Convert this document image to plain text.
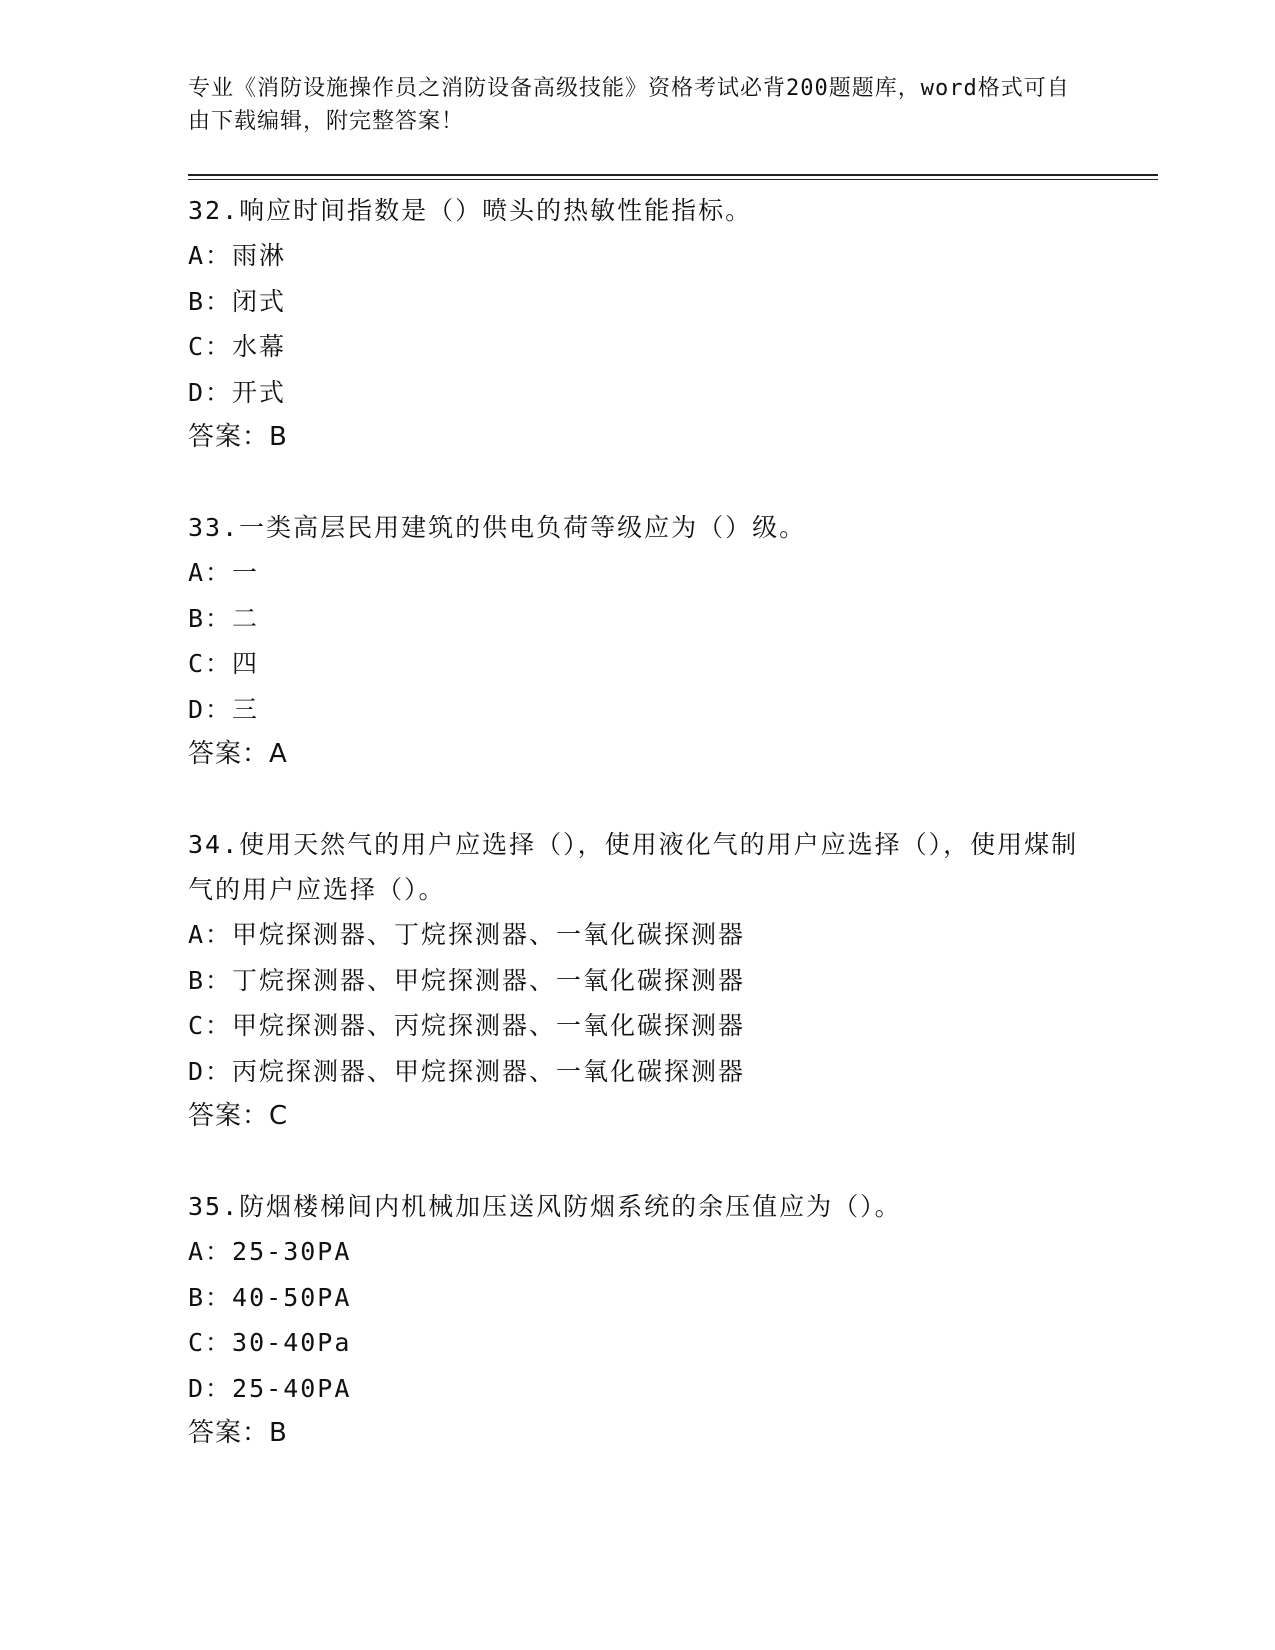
专业《消防设施操作员之消防设备高级技能》资格考试必背200题题库，word格式可自由下载编辑，附完整答案！

32.响应时间指数是（）喷头的热敏性能指标。

A：雨淋

B：闭式

C：水幕

D：开式

答案：B

33.一类高层民用建筑的供电负荷等级应为（）级。

A：一

B：二

C：四

D：三

答案：A

34.使用天然气的用户应选择（），使用液化气的用户应选择（），使用煤制气的用户应选择（）。

A：甲烷探测器、丁烷探测器、一氧化碳探测器

B：丁烷探测器、甲烷探测器、一氧化碳探测器

C：甲烷探测器、丙烷探测器、一氧化碳探测器

D：丙烷探测器、甲烷探测器、一氧化碳探测器

答案：C

35.防烟楼梯间内机械加压送风防烟系统的余压值应为（）。

A：25-30PA

B：40-50PA

C：30-40Pa

D：25-40PA

答案：B
